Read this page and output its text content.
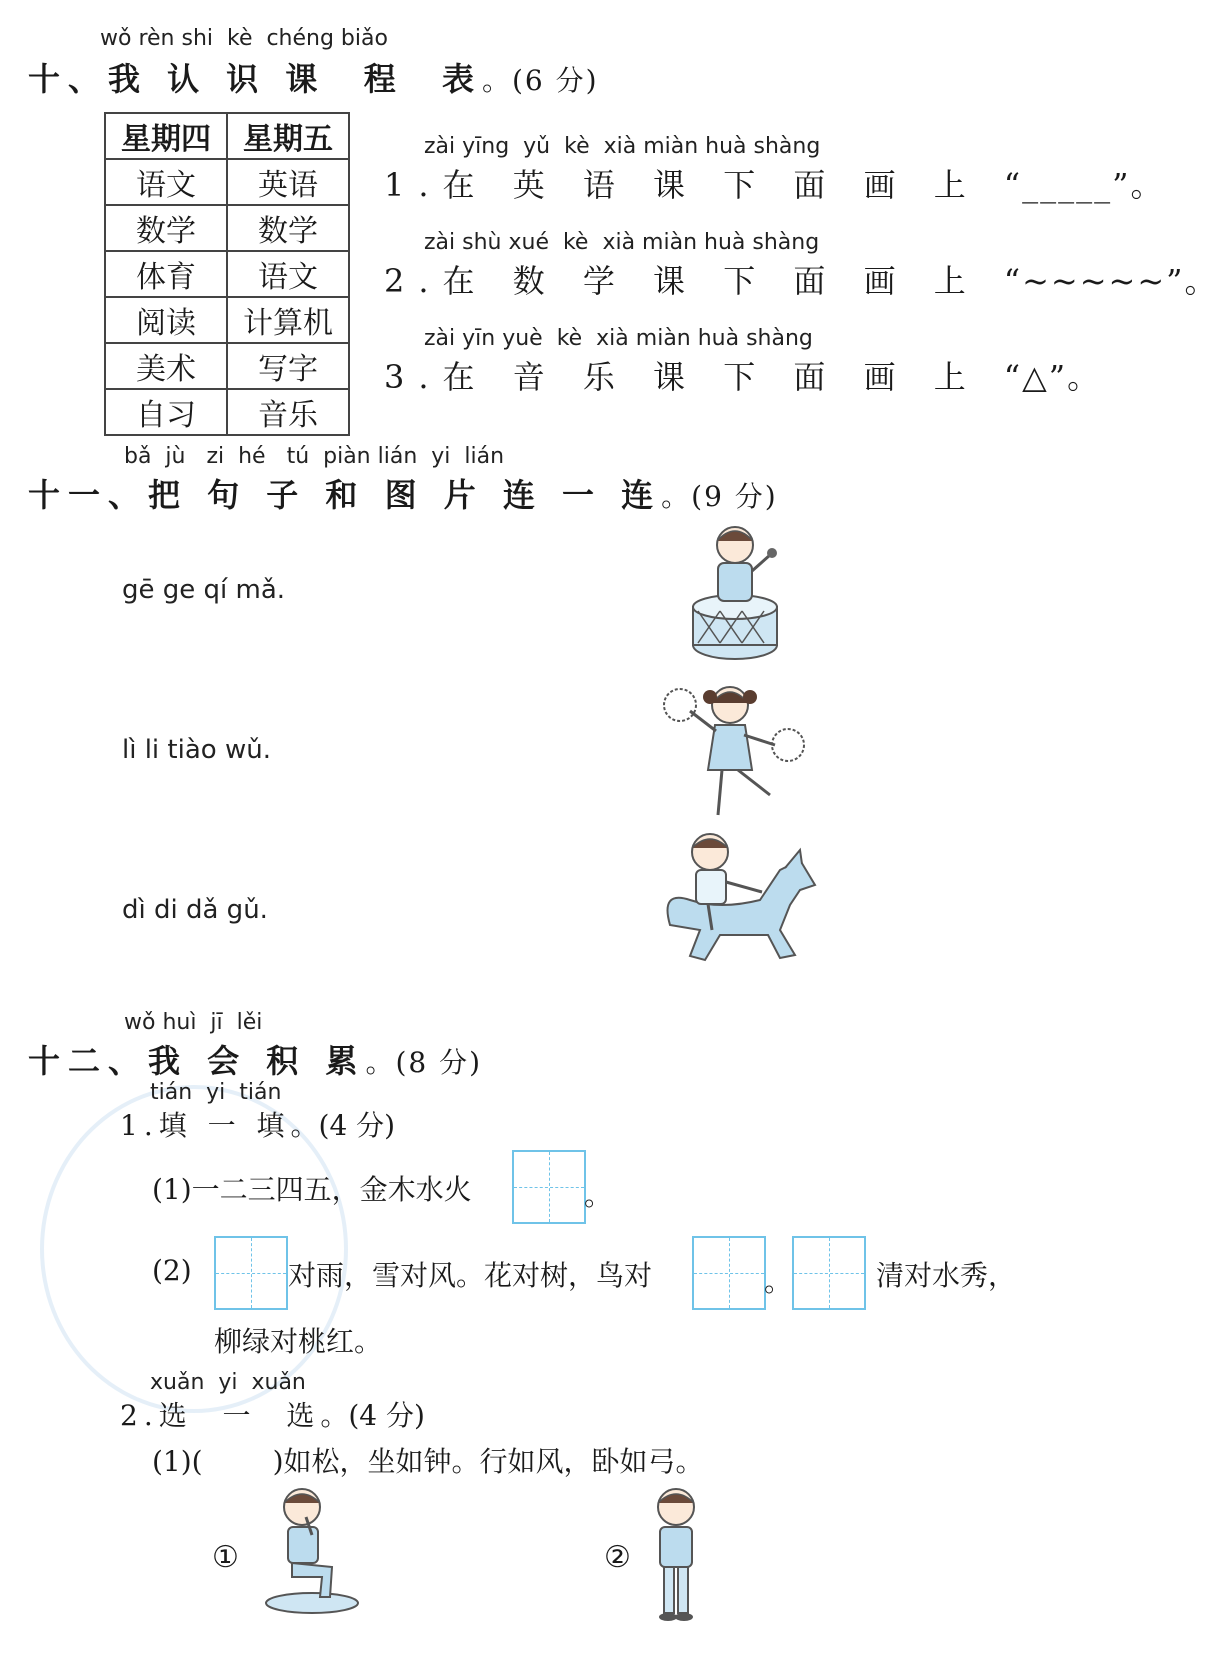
wǒ rèn shi  kè  chéng biǎo
十、我 认 识 课  程  表。(6 分)
星期四	星期五
语文	英语
数学	数学
体育	语文
阅读	计算机
美术	写字
自习	音乐
zài yīng  yǔ  kè  xià miàn huà shàng
1.在 英 语 课 下 面 画 上 “_____”。
zài shù xué  kè  xià miàn huà shàng
2.在 数 学 课 下 面 画 上 “~~~~~”。
zài yīn yuè  kè  xià miàn huà shàng
3.在 音 乐 课 下 面 画 上 “△”。
bǎ  jù   zi  hé   tú  piàn lián  yi  lián
十一、把 句 子 和 图 片 连 一 连。(9 分)
gē ge qí mǎ.
lì li tiào wǔ.
dì di dǎ gǔ.
wǒ huì  jī  lěi
十二、我 会 积 累。(8 分)
tián  yi  tián
1.填 一 填。(4 分)
(1)一二三四五，金木水火	。
(2)	对雨，雪对风。花对树，鸟对	。	清对水秀，
柳绿对桃红。
xuǎn  yi  xuǎn
2.选  一  选。(4 分)
(1)(	)如松，坐如钟。行如风，卧如弓。
①	②
